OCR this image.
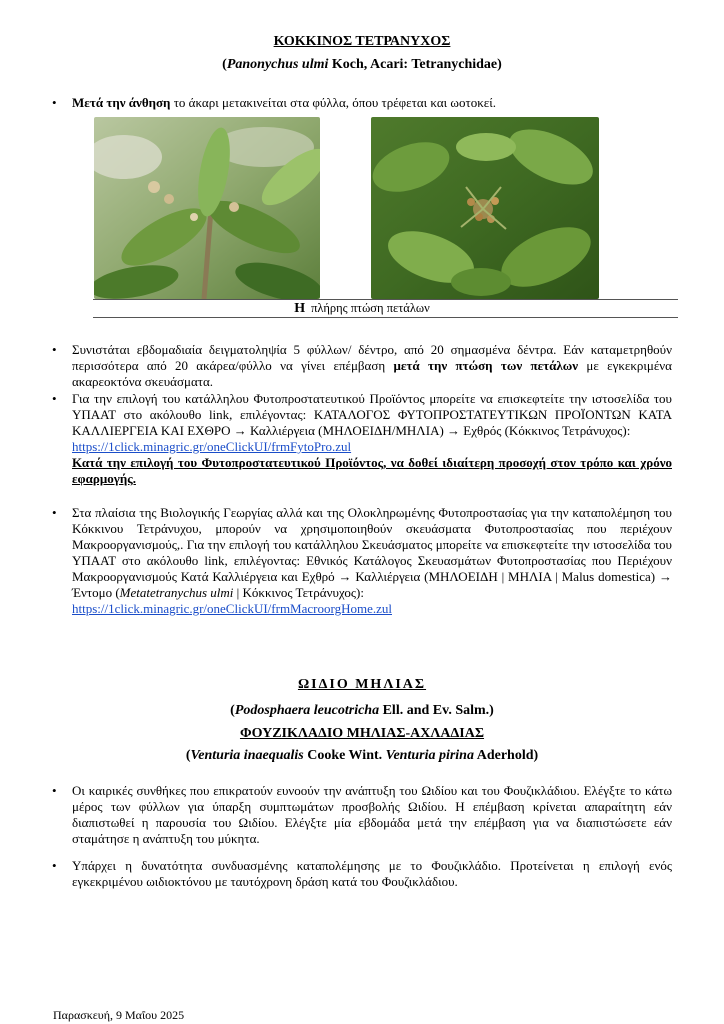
ΚΟΚΚΙΝΟΣ ΤΕΤΡΑΝΥΧΟΣ
(Panonychus ulmi Koch, Acari: Tetranychidae)
• Μετά την άνθηση το άκαρι μετακινείται στα φύλλα, όπου τρέφεται και ωοτοκεί.
Η πλήρης πτώση πετάλων
• Συνιστάται εβδομαδιαία δειγματοληψία 5 φύλλων/ δέντρο, από 20 σημασμένα δέντρα. Εάν καταμετρηθούν περισσότερα από 20 ακάρεα/φύλλο να γίνει επέμβαση μετά την πτώση των πετάλων με εγκεκριμένα ακαρεοκτόνα σκευάσματα.
• Για την επιλογή του κατάλληλου Φυτοπροστατευτικού Προϊόντος μπορείτε να επισκεφτείτε την ιστοσελίδα του ΥΠΑΑΤ στο ακόλουθο link, επιλέγοντας: ΚΑΤΑΛΟΓΟΣ ΦΥΤΟΠΡΟΣΤΑΤΕΥΤΙΚΩΝ ΠΡΟΪΟΝΤΩΝ ΚΑΤΑ ΚΑΛΛΙΕΡΓΕΙΑ ΚΑΙ ΕΧΘΡΟ → Καλλιέργεια (ΜΗΛΟΕΙΔΗ/ΜΗΛΙΑ) → Εχθρός (Κόκκινος Τετράνυχος):
https://1click.minagric.gr/oneClickUI/frmFytoPro.zul
Κατά την επιλογή του Φυτοπροστατευτικού Προϊόντος, να δοθεί ιδιαίτερη προσοχή στον τρόπο και χρόνο εφαρμογής.
• Στα πλαίσια της Βιολογικής Γεωργίας αλλά και της Ολοκληρωμένης Φυτοπροστασίας για την καταπολέμηση του Κόκκινου Τετράνυχου, μπορούν να χρησιμοποιηθούν σκευάσματα Φυτοπροστασίας που περιέχουν Μακροοργανισμούς,. Για την επιλογή του κατάλληλου Σκευάσματος μπορείτε να επισκεφτείτε την ιστοσελίδα του ΥΠΑΑΤ στο ακόλουθο link, επιλέγοντας: Εθνικός Κατάλογος Σκευασμάτων Φυτοπροστασίας που Περιέχουν Μακροοργανισμούς Κατά Καλλιέργεια και Εχθρό → Καλλιέργεια (ΜΗΛΟΕΙΔΗ | ΜΗΛΙΑ | Malus domestica) → Έντομο (Metatetranychus ulmi | Κόκκινος Τετράνυχος):
https://1click.minagric.gr/oneClickUI/frmMacroorgHome.zul
ΩΙΔΙΟ ΜΗΛΙΑΣ
(Podosphaera leucotricha Ell. and Ev. Salm.)
ΦΟΥΖΙΚΛΑΔΙΟ ΜΗΛΙΑΣ-ΑΧΛΑΔΙΑΣ
(Venturia inaequalis Cooke Wint. Venturia pirina Aderhold)
• Οι καιρικές συνθήκες που επικρατούν ευνοούν την ανάπτυξη του Ωιδίου και του Φουζικλάδιου. Ελέγξτε το κάτω μέρος των φύλλων για ύπαρξη συμπτωμάτων προσβολής Ωιδίου. Η επέμβαση κρίνεται απαραίτητη εάν διαπιστωθεί η παρουσία του Ωιδίου. Ελέγξτε μία εβδομάδα μετά την επέμβαση για να διαπιστώσετε εάν σταμάτησε η ανάπτυξη του μύκητα.
• Υπάρχει η δυνατότητα συνδυασμένης καταπολέμησης με το Φουζικλάδιο. Προτείνεται η επιλογή ενός εγκεκριμένου ωιδιοκτόνου με ταυτόχρονη δράση κατά του Φουζικλάδιου.
Παρασκευή, 9 Μαΐου 2025
